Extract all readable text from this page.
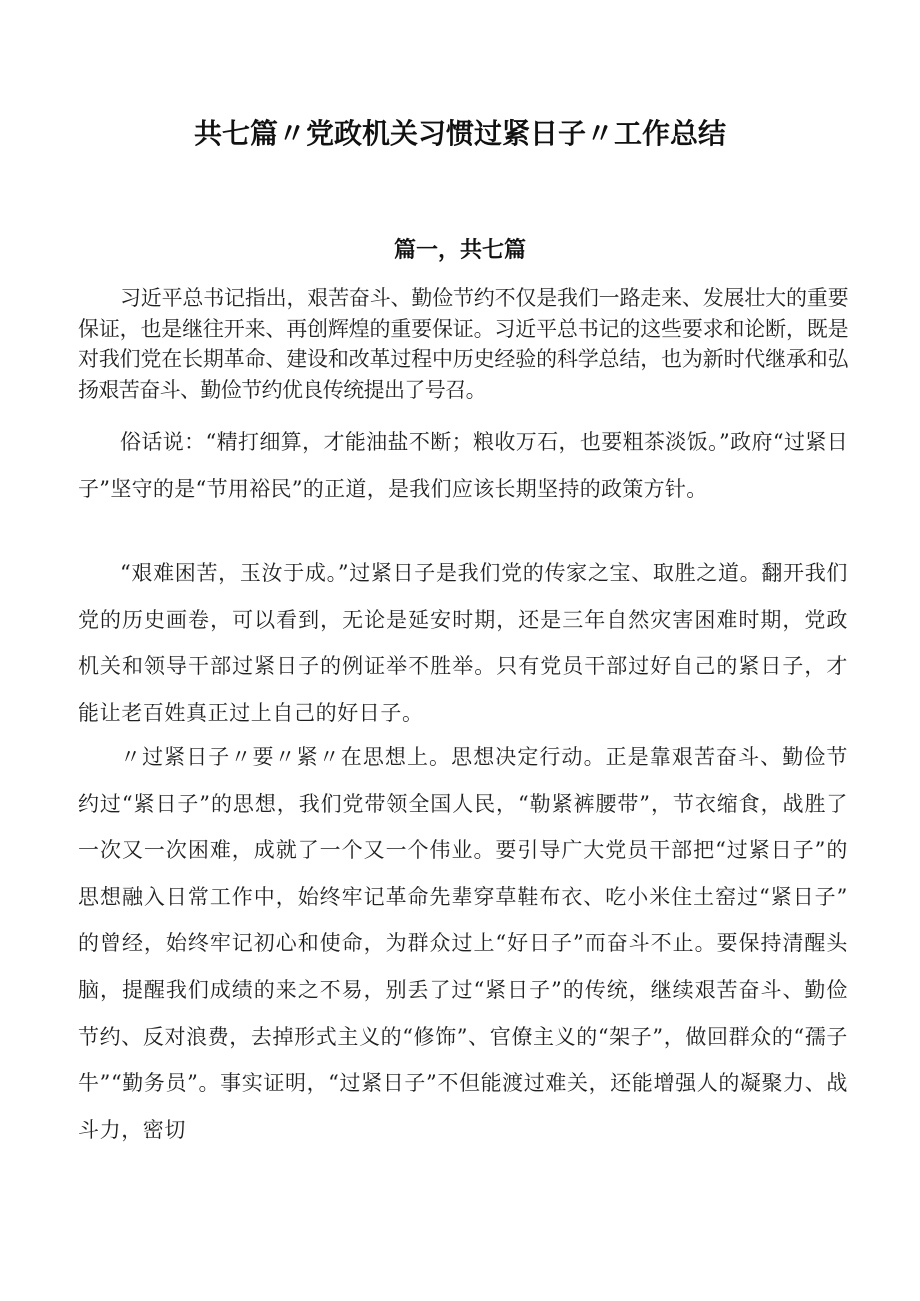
共七篇〃党政机关习惯过紧日子〃工作总结
篇一，共七篇

习近平总书记指出，艰苦奋斗、勤俭节约不仅是我们一路走来、发展壮大的重要保证，也是继往开来、再创辉煌的重要保证。习近平总书记的这些要求和论断，既是对我们党在长期革命、建设和改革过程中历史经验的科学总结，也为新时代继承和弘扬艰苦奋斗、勤俭节约优良传统提出了号召。

俗话说：“精打细算，才能油盐不断；粮收万石，也要粗茶淡饭。”政府“过紧日子”坚守的是“节用裕民”的正道，是我们应该长期坚持的政策方针。

“艰难困苦，玉汝于成。”过紧日子是我们党的传家之宝、取胜之道。翻开我们党的历史画卷，可以看到，无论是延安时期，还是三年自然灾害困难时期，党政机关和领导干部过紧日子的例证举不胜举。只有党员干部过好自己的紧日子，才能让老百姓真正过上自己的好日子。

〃过紧日子〃要〃紧〃在思想上。思想决定行动。正是靠艰苦奋斗、勤俭节约过“紧日子”的思想，我们党带领全国人民，“勒紧裤腰带”，节衣缩食，战胜了一次又一次困难，成就了一个又一个伟业。要引导广大党员干部把“过紧日子”的思想融入日常工作中，始终牢记革命先辈穿草鞋布衣、吃小米住土窑过“紧日子”的曾经，始终牢记初心和使命，为群众过上“好日子”而奋斗不止。要保持清醒头脑，提醒我们成绩的来之不易，别丢了过“紧日子”的传统，继续艰苦奋斗、勤俭节约、反对浪费，去掉形式主义的“修饰”、官僚主义的“架子”，做回群众的“孺子牛”“勤务员”。事实证明，“过紧日子”不但能渡过难关，还能增强人的凝聚力、战斗力，密切
